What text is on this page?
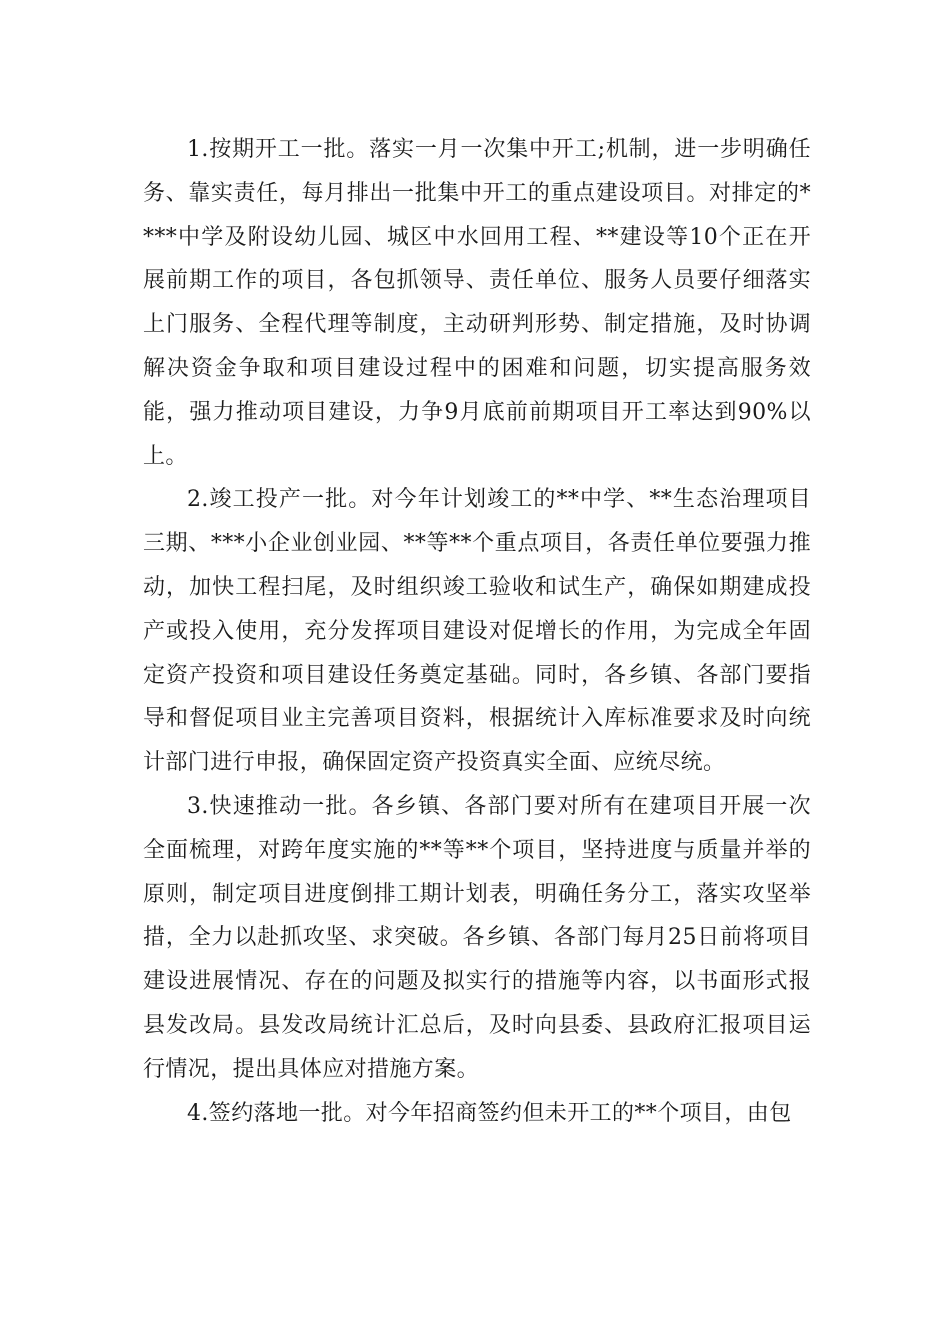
1.按期开工一批。落实一月一次集中开工;机制，进一步明确任务、靠实责任，每月排出一批集中开工的重点建设项目。对排定的****中学及附设幼儿园、城区中水回用工程、**建设等10个正在开展前期工作的项目，各包抓领导、责任单位、服务人员要仔细落实上门服务、全程代理等制度，主动研判形势、制定措施，及时协调解决资金争取和项目建设过程中的困难和问题，切实提高服务效能，强力推动项目建设，力争9月底前前期项目开工率达到90%以上。

2.竣工投产一批。对今年计划竣工的**中学、**生态治理项目三期、***小企业创业园、**等**个重点项目，各责任单位要强力推动，加快工程扫尾，及时组织竣工验收和试生产，确保如期建成投产或投入使用，充分发挥项目建设对促增长的作用，为完成全年固定资产投资和项目建设任务奠定基础。同时，各乡镇、各部门要指导和督促项目业主完善项目资料，根据统计入库标准要求及时向统计部门进行申报，确保固定资产投资真实全面、应统尽统。

3.快速推动一批。各乡镇、各部门要对所有在建项目开展一次全面梳理，对跨年度实施的**等**个项目，坚持进度与质量并举的原则，制定项目进度倒排工期计划表，明确任务分工，落实攻坚举措，全力以赴抓攻坚、求突破。各乡镇、各部门每月25日前将项目建设进展情况、存在的问题及拟实行的措施等内容，以书面形式报县发改局。县发改局统计汇总后，及时向县委、县政府汇报项目运行情况，提出具体应对措施方案。

4.签约落地一批。对今年招商签约但未开工的**个项目，由包
